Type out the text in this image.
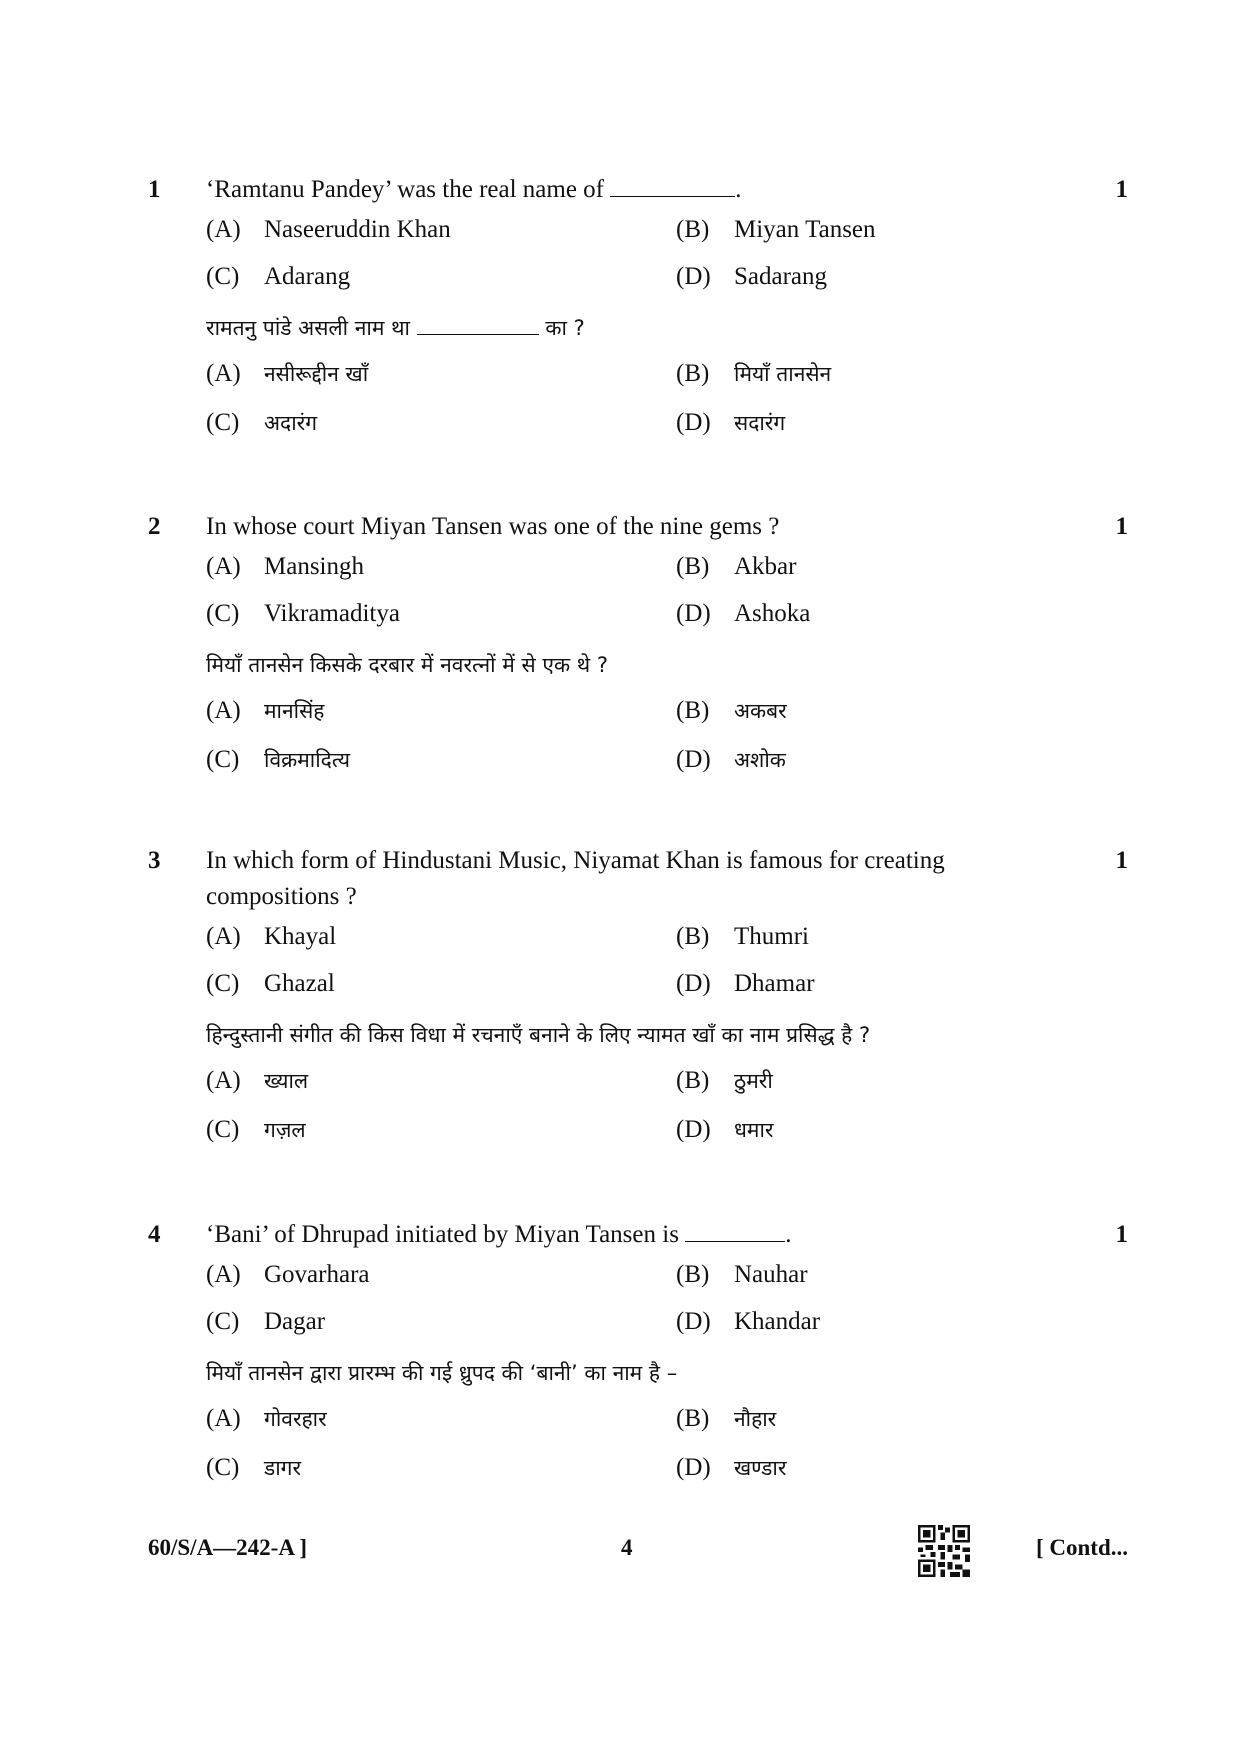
1	‘Ramtanu Pandey’ was the real name of	.	1
(A) Naseeruddin Khan	(B) Miyan Tansen
(C) Adarang	(D) Sadarang
रामतनु पांडे असली नाम था	का ?
(A) नसीरूद्दीन खाँ	(B) मियाँ तानसेन
(C) अदारंग	(D) सदारंग
2	In whose court Miyan Tansen was one of the nine gems ?	1
(A) Mansingh	(B) Akbar
(C) Vikramaditya	(D) Ashoka
मियाँ तानसेन किसके दरबार में नवरत्नों में से एक थे ?
(A) मानसिंह	(B) अकबर
(C) विक्रमादित्य	(D) अशोक
3	In which form of Hindustani Music, Niyamat Khan is famous for creating compositions ?
1
(A) Khayal	(B) Thumri
(C) Ghazal	(D) Dhamar
हिन्दुस्तानी संगीत की किस विधा में रचनाएँ बनाने के लिए न्यामत खाँ का नाम प्रसिद्ध है ?
(A) ख्याल	(B) ठुमरी
(C) गज़ल	(D) धमार
4	‘Bani’ of Dhrupad initiated by Miyan Tansen is	.	1
(A) Govarhara	(B) Nauhar
(C) Dagar	(D) Khandar
मियाँ तानसेन द्वारा प्रारम्भ की गई ध्रुपद की ‘बानी’ का नाम है –
(A) गोवरहार	(B) नौहार
(C) डागर	(D) खण्डार
60/S/A—242-A ]	4	[ Contd...
